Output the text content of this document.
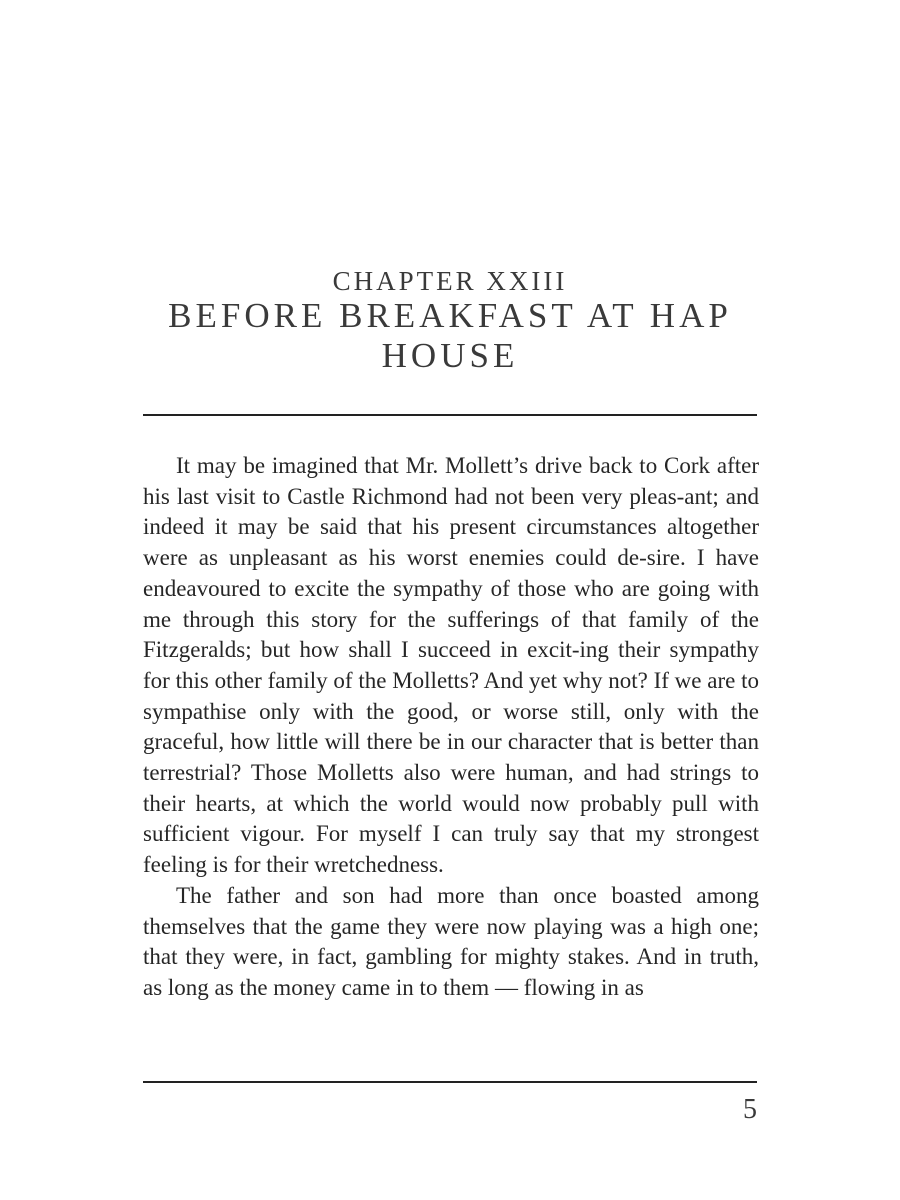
CHAPTER XXIII
BEFORE BREAKFAST AT HAP HOUSE

It may be imagined that Mr. Mollett’s drive back to Cork after his last visit to Castle Richmond had not been very pleas-ant; and indeed it may be said that his present circumstances altogether were as unpleasant as his worst enemies could de-sire. I have endeavoured to excite the sympathy of those who are going with me through this story for the sufferings of that family of the Fitzgeralds; but how shall I succeed in excit-ing their sympathy for this other family of the Molletts? And yet why not? If we are to sympathise only with the good, or worse still, only with the graceful, how little will there be in our character that is better than terrestrial? Those Molletts also were human, and had strings to their hearts, at which the world would now probably pull with sufficient vigour. For myself I can truly say that my strongest feeling is for their wretchedness.

The father and son had more than once boasted among themselves that the game they were now playing was a high one; that they were, in fact, gambling for mighty stakes. And in truth, as long as the money came in to them — flowing in as

5
